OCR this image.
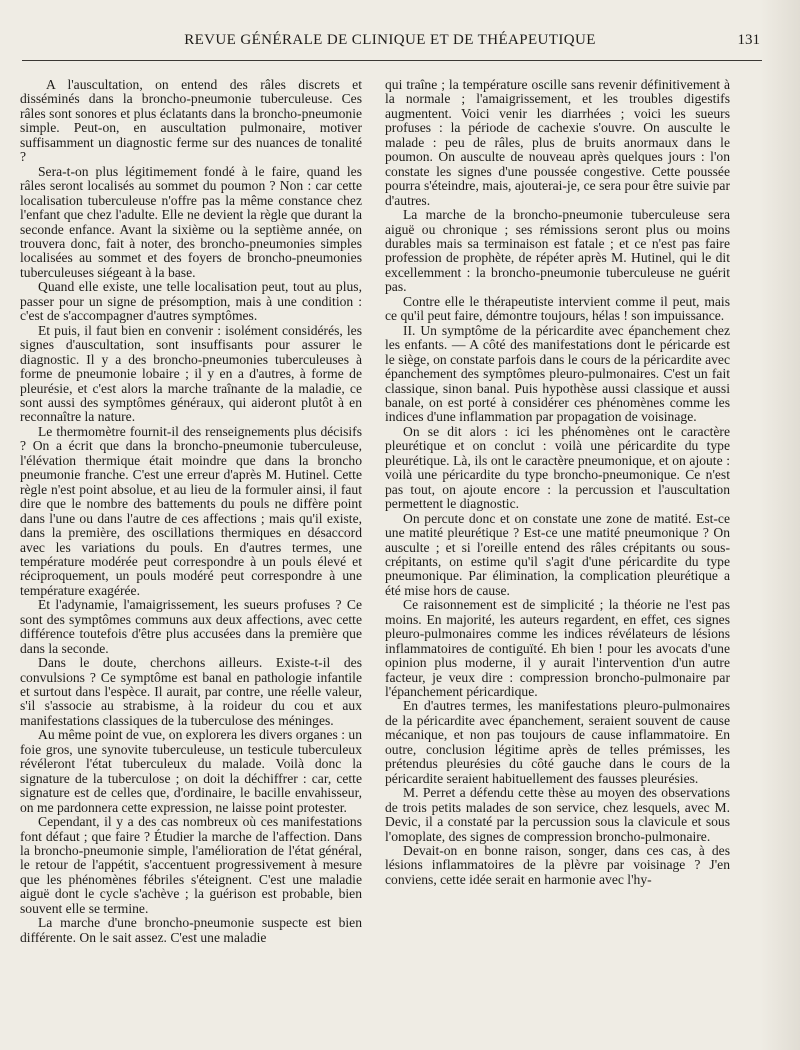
REVUE GÉNÉRALE DE CLINIQUE ET DE THÉAPEUTIQUE	131

A l'auscultation, on entend des râles discrets et disséminés dans la broncho-pneumonie tuberculeuse. Ces râles sont sonores et plus éclatants dans la broncho-pneumonie simple. Peut-on, en auscultation pulmonaire, motiver suffisamment un diagnostic ferme sur des nuances de tonalité ?

Sera-t-on plus légitimement fondé à le faire, quand les râles seront localisés au sommet du poumon ? Non : car cette localisation tuberculeuse n'offre pas la même constance chez l'enfant que chez l'adulte. Elle ne devient la règle que durant la seconde enfance. Avant la sixième ou la septième année, on trouvera donc, fait à noter, des broncho-pneumonies simples localisées au sommet et des foyers de broncho-pneumonies tuberculeuses siégeant à la base.

Quand elle existe, une telle localisation peut, tout au plus, passer pour un signe de présomption, mais à une condition : c'est de s'accompagner d'autres symptômes.

Et puis, il faut bien en convenir : isolément considérés, les signes d'auscultation, sont insuffisants pour assurer le diagnostic. Il y a des broncho-pneumonies tuberculeuses à forme de pneumonie lobaire ; il y en a d'autres, à forme de pleurésie, et c'est alors la marche traînante de la maladie, ce sont aussi des symptômes généraux, qui aideront plutôt à en reconnaître la nature.

Le thermomètre fournit-il des renseignements plus décisifs ? On a écrit que dans la broncho-pneumonie tuberculeuse, l'élévation thermique était moindre que dans la broncho pneumonie franche. C'est une erreur d'après M. Hutinel. Cette règle n'est point absolue, et au lieu de la formuler ainsi, il faut dire que le nombre des battements du pouls ne diffère point dans l'une ou dans l'autre de ces affections ; mais qu'il existe, dans la première, des oscillations thermiques en désaccord avec les variations du pouls. En d'autres termes, une température modérée peut correspondre à un pouls élevé et réciproquement, un pouls modéré peut correspondre à une température exagérée.

Et l'adynamie, l'amaigrissement, les sueurs profuses ? Ce sont des symptômes communs aux deux affections, avec cette différence toutefois d'être plus accusées dans la première que dans la seconde.

Dans le doute, cherchons ailleurs. Existe-t-il des convulsions ? Ce symptôme est banal en pathologie infantile et surtout dans l'espèce. Il aurait, par contre, une réelle valeur, s'il s'associe au strabisme, à la roideur du cou et aux manifestations classiques de la tuberculose des méninges.

Au même point de vue, on explorera les divers organes : un foie gros, une synovite tuberculeuse, un testicule tuberculeux révéleront l'état tuberculeux du malade. Voilà donc la signature de la tuberculose ; on doit la déchiffrer : car, cette signature est de celles que, d'ordinaire, le bacille envahisseur, on me pardonnera cette expression, ne laisse point protester.

Cependant, il y a des cas nombreux où ces manifestations font défaut ; que faire ? Étudier la marche de l'affection. Dans la broncho-pneumonie simple, l'amélioration de l'état général, le retour de l'appétit, s'accentuent progressivement à mesure que les phénomènes fébriles s'éteignent. C'est une maladie aiguë dont le cycle s'achève ; la guérison est probable, bien souvent elle se termine.

La marche d'une broncho-pneumonie suspecte est bien différente. On le sait assez. C'est une maladie

qui traîne ; la température oscille sans revenir définitivement à la normale ; l'amaigrissement, et les troubles digestifs augmentent. Voici venir les diarrhées ; voici les sueurs profuses : la période de cachexie s'ouvre. On ausculte le malade : peu de râles, plus de bruits anormaux dans le poumon. On ausculte de nouveau après quelques jours : l'on constate les signes d'une poussée congestive. Cette poussée pourra s'éteindre, mais, ajouterai-je, ce sera pour être suivie par d'autres.

La marche de la broncho-pneumonie tuberculeuse sera aiguë ou chronique ; ses rémissions seront plus ou moins durables mais sa terminaison est fatale ; et ce n'est pas faire profession de prophète, de répéter après M. Hutinel, qui le dit excellemment : la broncho-pneumonie tuberculeuse ne guérit pas.

Contre elle le thérapeutiste intervient comme il peut, mais ce qu'il peut faire, démontre toujours, hélas ! son impuissance.

II. Un symptôme de la péricardite avec épanchement chez les enfants. — A côté des manifestations dont le péricarde est le siège, on constate parfois dans le cours de la péricardite avec épanchement des symptômes pleuro-pulmonaires. C'est un fait classique, sinon banal. Puis hypothèse aussi classique et aussi banale, on est porté à considérer ces phénomènes comme les indices d'une inflammation par propagation de voisinage.

On se dit alors : ici les phénomènes ont le caractère pleurétique et on conclut : voilà une péricardite du type pleurétique. Là, ils ont le caractère pneumonique, et on ajoute : voilà une péricardite du type broncho-pneumonique. Ce n'est pas tout, on ajoute encore : la percussion et l'auscultation permettent le diagnostic.

On percute donc et on constate une zone de matité. Est-ce une matité pleurétique ? Est-ce une matité pneumonique ? On ausculte ; et si l'oreille entend des râles crépitants ou sous-crépitants, on estime qu'il s'agit d'une péricardite du type pneumonique. Par élimination, la complication pleurétique a été mise hors de cause.

Ce raisonnement est de simplicité ; la théorie ne l'est pas moins. En majorité, les auteurs regardent, en effet, ces signes pleuro-pulmonaires comme les indices révélateurs de lésions inflammatoires de contiguïté. Eh bien ! pour les avocats d'une opinion plus moderne, il y aurait l'intervention d'un autre facteur, je veux dire : compression broncho-pulmonaire par l'épanchement péricardique.

En d'autres termes, les manifestations pleuro-pulmonaires de la péricardite avec épanchement, seraient souvent de cause mécanique, et non pas toujours de cause inflammatoire. En outre, conclusion légitime après de telles prémisses, les prétendus pleurésies du côté gauche dans le cours de la péricardite seraient habituellement des fausses pleurésies.

M. Perret a défendu cette thèse au moyen des observations de trois petits malades de son service, chez lesquels, avec M. Devic, il a constaté par la percussion sous la clavicule et sous l'omoplate, des signes de compression broncho-pulmonaire.

Devait-on en bonne raison, songer, dans ces cas, à des lésions inflammatoires de la plèvre par voisinage ? J'en conviens, cette idée serait en harmonie avec l'hy-
